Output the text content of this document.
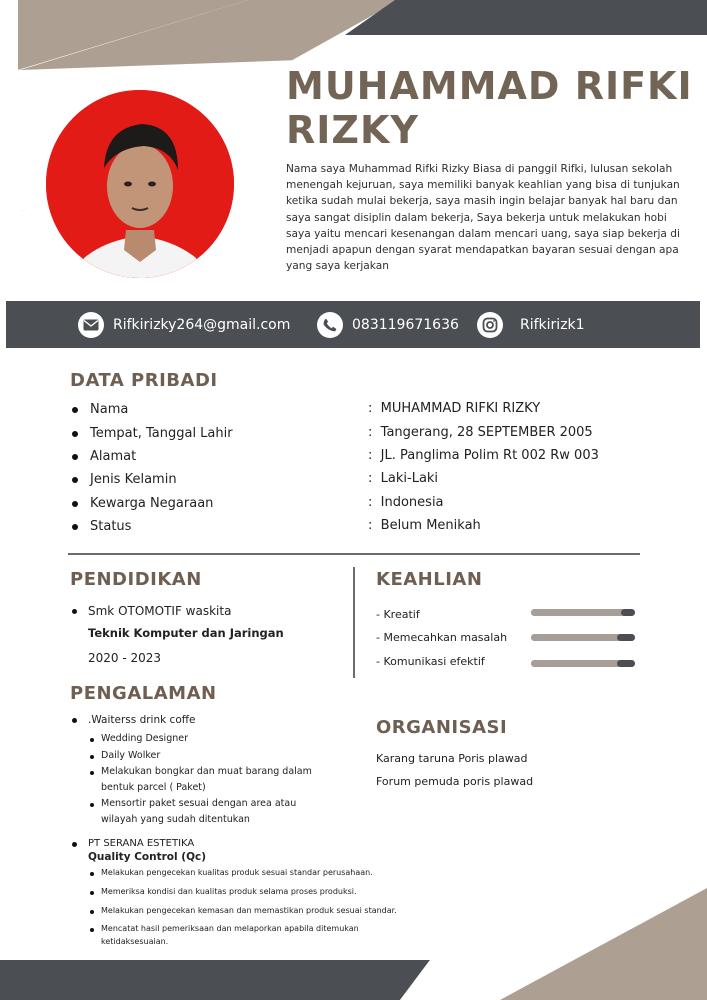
MUHAMMAD RIFKI
RIZKY
Nama saya Muhammad Rifki Rizky Biasa di panggil Rifki, lulusan sekolah menengah kejuruan, saya memiliki banyak keahlian yang bisa di tunjukan ketika sudah mulai bekerja, saya masih ingin belajar banyak hal baru dan saya sangat disiplin dalam bekerja, Saya bekerja untuk melakukan hobi saya yaitu mencari kesenangan dalam mencari uang, saya siap bekerja di menjadi apapun dengan syarat mendapatkan bayaran sesuai dengan apa yang saya kerjakan
Rifkirizky264@gmail.com	083119671636	Rifkirizk1
DATA PRIBADI
Nama	:  MUHAMMAD RIFKI RIZKY
Tempat, Tanggal Lahir	:  Tangerang, 28 SEPTEMBER 2005
Alamat	:  JL. Panglima Polim Rt 002 Rw 003
Jenis Kelamin	:  Laki-Laki
Kewarga Negaraan	:  Indonesia
Status	:  Belum Menikah
PENDIDIKAN
Smk OTOMOTIF waskita
Teknik Komputer dan Jaringan
2020 - 2023
PENGALAMAN
.Waiterss drink coffe
Wedding Designer
Daily Wolker
Melakukan bongkar dan muat barang dalam
bentuk parcel ( Paket)
Mensortir paket sesuai dengan area atau
wilayah yang sudah ditentukan
PT SERANA ESTETIKA
Quality Control (Qc)
Melakukan pengecekan kualitas produk sesuai standar perusahaan.
Memeriksa kondisi dan kualitas produk selama proses produksi.
Melakukan pengecekan kemasan dan memastikan produk sesuai standar.
Mencatat hasil pemeriksaan dan melaporkan apabila ditemukan
ketidaksesuaian.
KEAHLIAN
- Kreatif
- Memecahkan masalah
- Komunikasi efektif
ORGANISASI
Karang taruna Poris plawad
Forum pemuda poris plawad
